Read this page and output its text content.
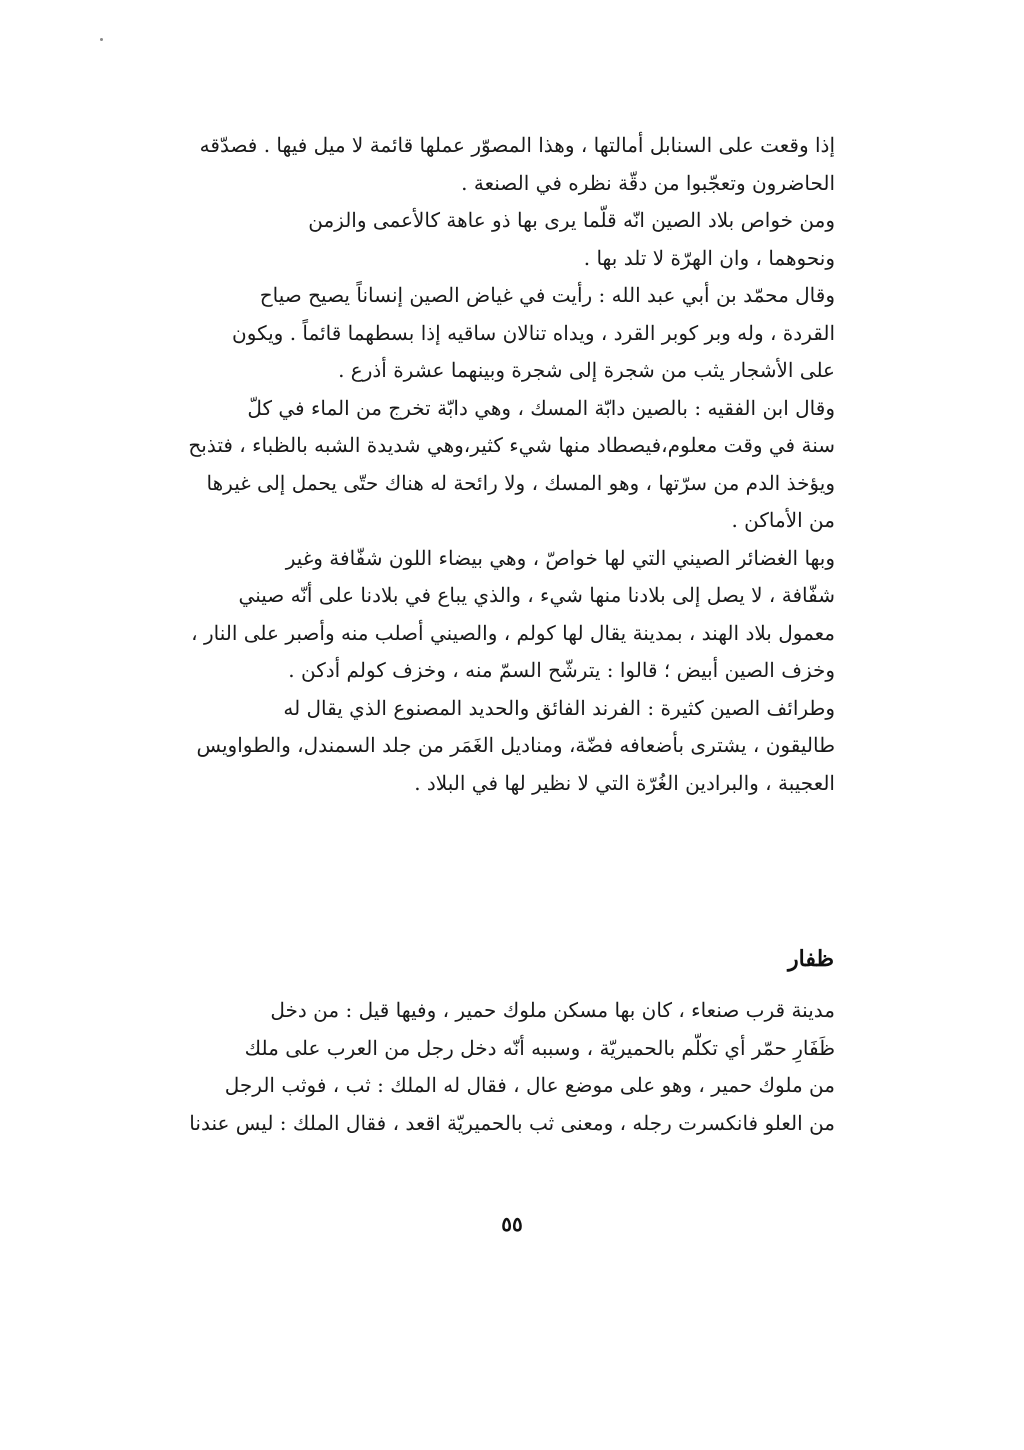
إذا وقعت على السنابل أمالتها ، وهذا المصوّر عملها قائمة لا ميل فيها . فصدّقه
الحاضرون وتعجّبوا من دقّة نظره في الصنعة .
ومن خواص بلاد الصين انّه قلّما يرى بها ذو عاهة كالأعمى والزمن
ونحوهما ، وان الهرّة لا تلد بها .
وقال محمّد بن أبي عبد الله : رأيت في غياض الصين إنساناً يصيح صياح
القردة ، وله وبر كوبر القرد ، ويداه تنالان ساقيه إذا بسطهما قائماً . ويكون
على الأشجار يثب من شجرة إلى شجرة وبينهما عشرة أذرع .
وقال ابن الفقيه : بالصين دابّة المسك ، وهي دابّة تخرج من الماء في كلّ
سنة في وقت معلوم،فيصطاد منها شيء كثير،وهي شديدة الشبه بالظباء ، فتذبح
ويؤخذ الدم من سرّتها ، وهو المسك ، ولا رائحة له هناك حتّى يحمل إلى غيرها
من الأماكن .
وبها الغضائر الصيني التي لها خواصّ ، وهي بيضاء اللون شفّافة وغير
شفّافة ، لا يصل إلى بلادنا منها شيء ، والذي يباع في بلادنا على أنّه صيني
معمول بلاد الهند ، بمدينة يقال لها كولم ، والصيني أصلب منه وأصبر على النار ،
وخزف الصين أبيض ؛ قالوا : يترشّح السمّ منه ، وخزف كولم أدكن .
وطرائف الصين كثيرة : الفرند الفائق والحديد المصنوع الذي يقال له
طاليقون ، يشترى بأضعافه فضّة، ومناديل الغَمَر من جلد السمندل، والطواويس
العجيبة ، والبرادين الغُرّة التي لا نظير لها في البلاد .
ظفار
مدينة قرب صنعاء ، كان بها مسكن ملوك حمير ، وفيها قيل : من دخل
ظَفَارِ حمّر أي تكلّم بالحميريّة ، وسببه أنّه دخل رجل من العرب على ملك
من ملوك حمير ، وهو على موضع عال ، فقال له الملك : ثب ، فوثب الرجل
من العلو فانكسرت رجله ، ومعنى ثب بالحميريّة اقعد ، فقال الملك : ليس عندنا
٥٥
